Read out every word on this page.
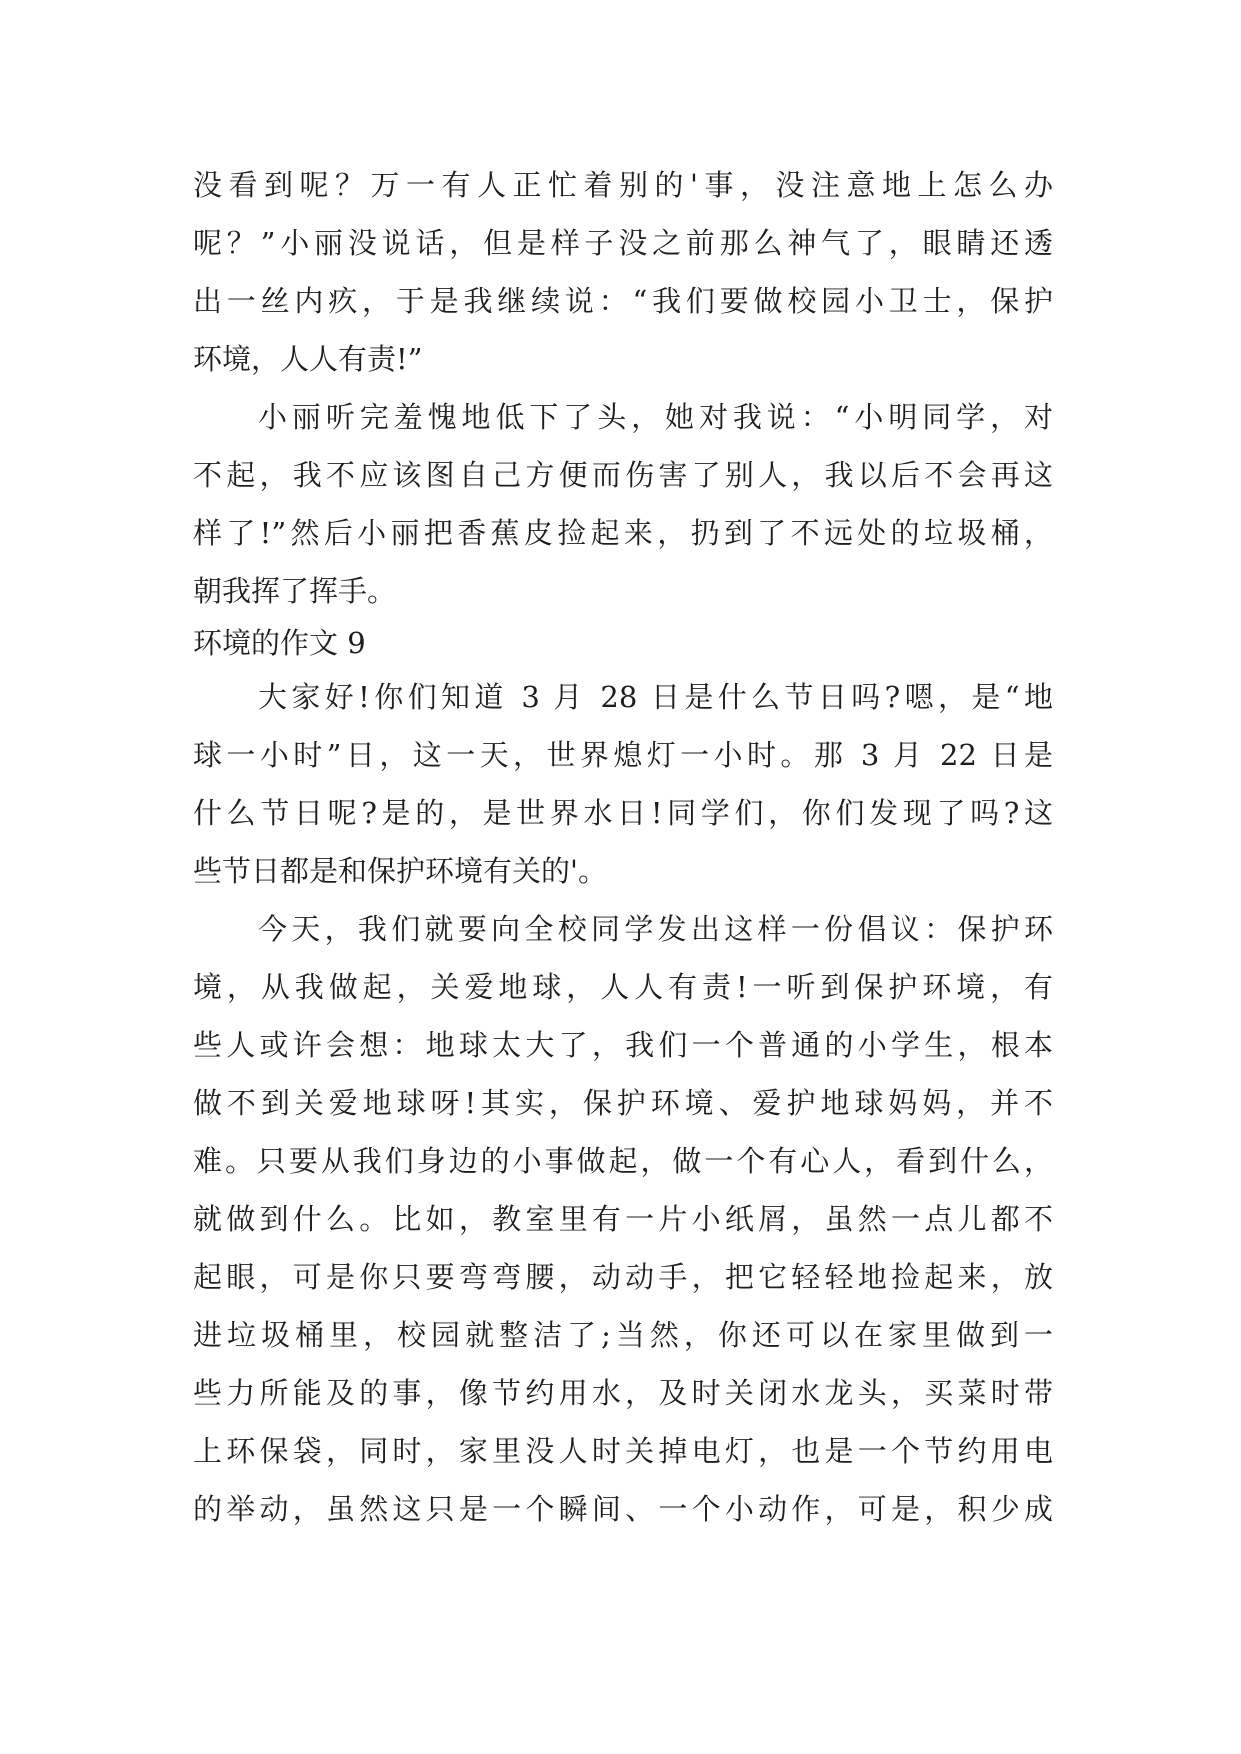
没看到呢？万一有人正忙着别的'事，没注意地上怎么办
呢？”小丽没说话，但是样子没之前那么神气了，眼睛还透
出一丝内疚，于是我继续说：“我们要做校园小卫士，保护
环境，人人有责!”
小丽听完羞愧地低下了头，她对我说：“小明同学，对
不起，我不应该图自己方便而伤害了别人，我以后不会再这
样了!”然后小丽把香蕉皮捡起来，扔到了不远处的垃圾桶，
朝我挥了挥手。
环境的作文 9
大家好!你们知道 3 月 28 日是什么节日吗?嗯，是“地
球一小时”日，这一天，世界熄灯一小时。那 3 月 22 日是
什么节日呢?是的，是世界水日!同学们，你们发现了吗?这
些节日都是和保护环境有关的'。
今天，我们就要向全校同学发出这样一份倡议：保护环
境，从我做起，关爱地球，人人有责!一听到保护环境，有
些人或许会想：地球太大了，我们一个普通的小学生，根本
做不到关爱地球呀!其实，保护环境、爱护地球妈妈，并不
难。只要从我们身边的小事做起，做一个有心人，看到什么，
就做到什么。比如，教室里有一片小纸屑，虽然一点儿都不
起眼，可是你只要弯弯腰，动动手，把它轻轻地捡起来，放
进垃圾桶里，校园就整洁了;当然，你还可以在家里做到一
些力所能及的事，像节约用水，及时关闭水龙头，买菜时带
上环保袋，同时，家里没人时关掉电灯，也是一个节约用电
的举动，虽然这只是一个瞬间、一个小动作，可是，积少成
